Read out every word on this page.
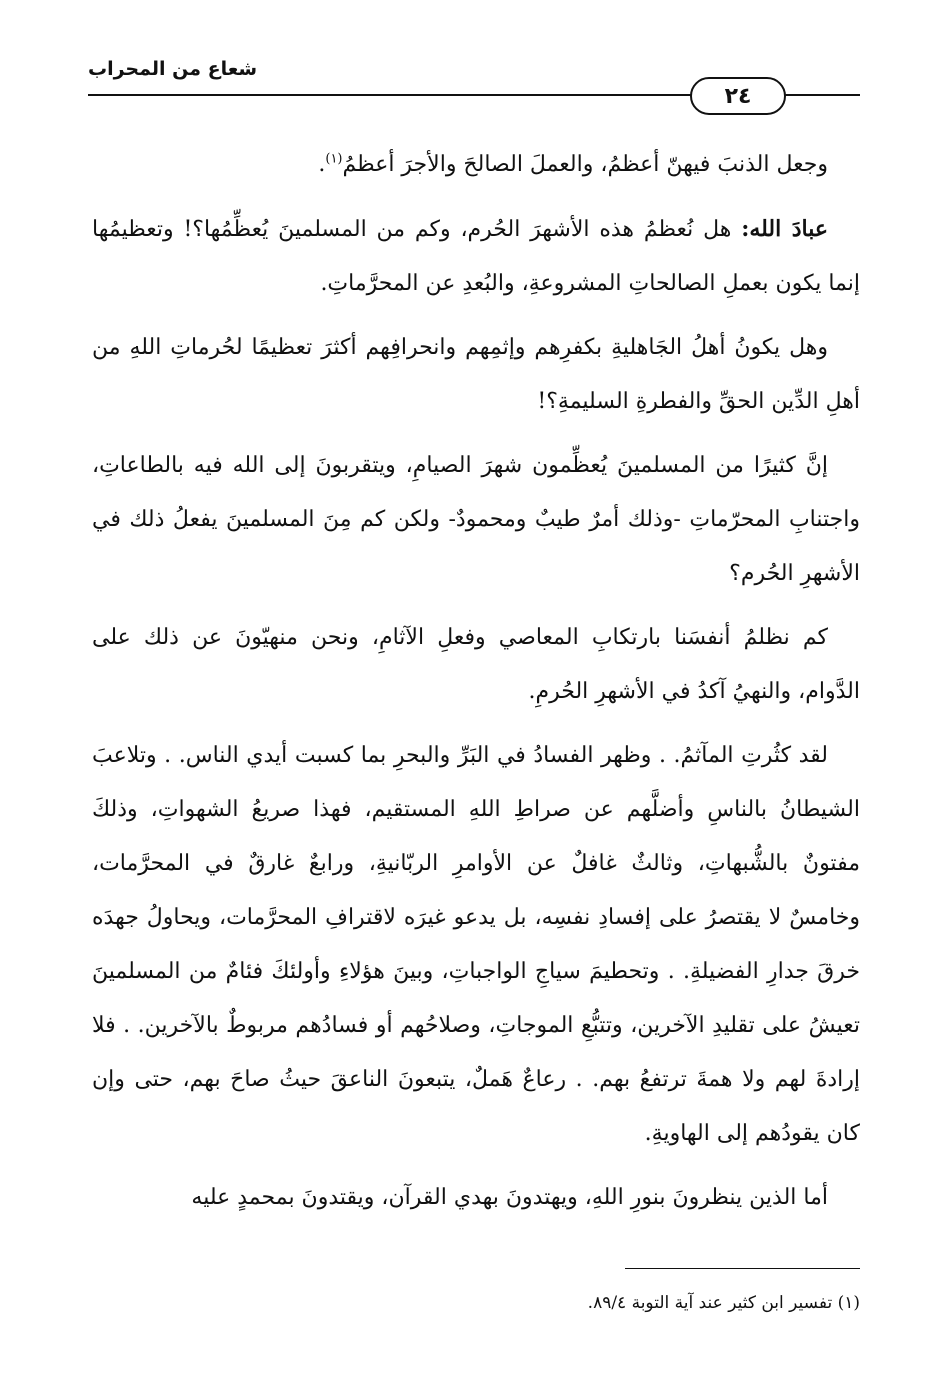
شعاع من المحراب
٢٤

وجعل الذنبَ فيهنّ أعظمُ، والعملَ الصالحَ والأجرَ أعظمُ$^{(١)}$.

عبادَ الله: هل نُعظمُ هذه الأشهرَ الحُرم، وكم من المسلمينَ يُعظِّمُها؟! وتعظيمُها إنما يكون بعملِ الصالحاتِ المشروعةِ، والبُعدِ عن المحرَّماتِ.

وهل يكونُ أهلُ الجَاهليةِ بكفرِهم وإثمِهم وانحرافِهم أكثرَ تعظيمًا لحُرماتِ اللهِ من أهلِ الدِّين الحقِّ والفطرةِ السليمةِ؟!

إنَّ كثيرًا من المسلمينَ يُعظِّمون شهرَ الصيامِ، ويتقربونَ إلى الله فيه بالطاعاتِ، واجتنابِ المحرّماتِ -وذلك أمرٌ طيبٌ ومحمودٌ- ولكن كم مِنَ المسلمينَ يفعلُ ذلك في الأشهرِ الحُرم؟

كم نظلمُ أنفسَنا بارتكابِ المعاصي وفعلِ الآثامِ، ونحن منهيّونَ عن ذلك على الدَّوام، والنهيُ آكدُ في الأشهرِ الحُرمِ.

لقد كثُرتِ المآثمُ. . وظهر الفسادُ في البَرِّ والبحرِ بما كسبت أيدي الناس. . وتلاعبَ الشيطانُ بالناسِ وأضلَّهم عن صراطِ اللهِ المستقيم، فهذا صريعُ الشهواتِ، وذلكَ مفتونٌ بالشُّبهاتِ، وثالثٌ غافلٌ عن الأوامرِ الربّانيةِ، ورابعٌ غارقٌ في المحرَّمات، وخامسٌ لا يقتصرُ على إفسادِ نفسِه، بل يدعو غيرَه لاقترافِ المحرَّمات، ويحاولُ جهدَه خرقَ جدارِ الفضيلةِ. . وتحطيمَ سياجِ الواجباتِ، وبينَ هؤلاءِ وأولئكَ فئامٌ من المسلمينَ تعيشُ على تقليدِ الآخرين، وتتبُّعِ الموجاتِ، وصلاحُهم أو فسادُهم مربوطٌ بالآخرين. . فلا إرادةَ لهم ولا همةَ ترتفعُ بهم. . رعاعٌ هَملٌ، يتبعونَ الناعقَ حيثُ صاحَ بهم، حتى وإن كان يقودُهم إلى الهاويةِ.

أما الذين ينظرونَ بنورِ اللهِ، ويهتدونَ بهدي القرآن، ويقتدونَ بمحمدٍ عليه

(١) تفسير ابن كثير عند آية التوبة ٨٩/٤.
